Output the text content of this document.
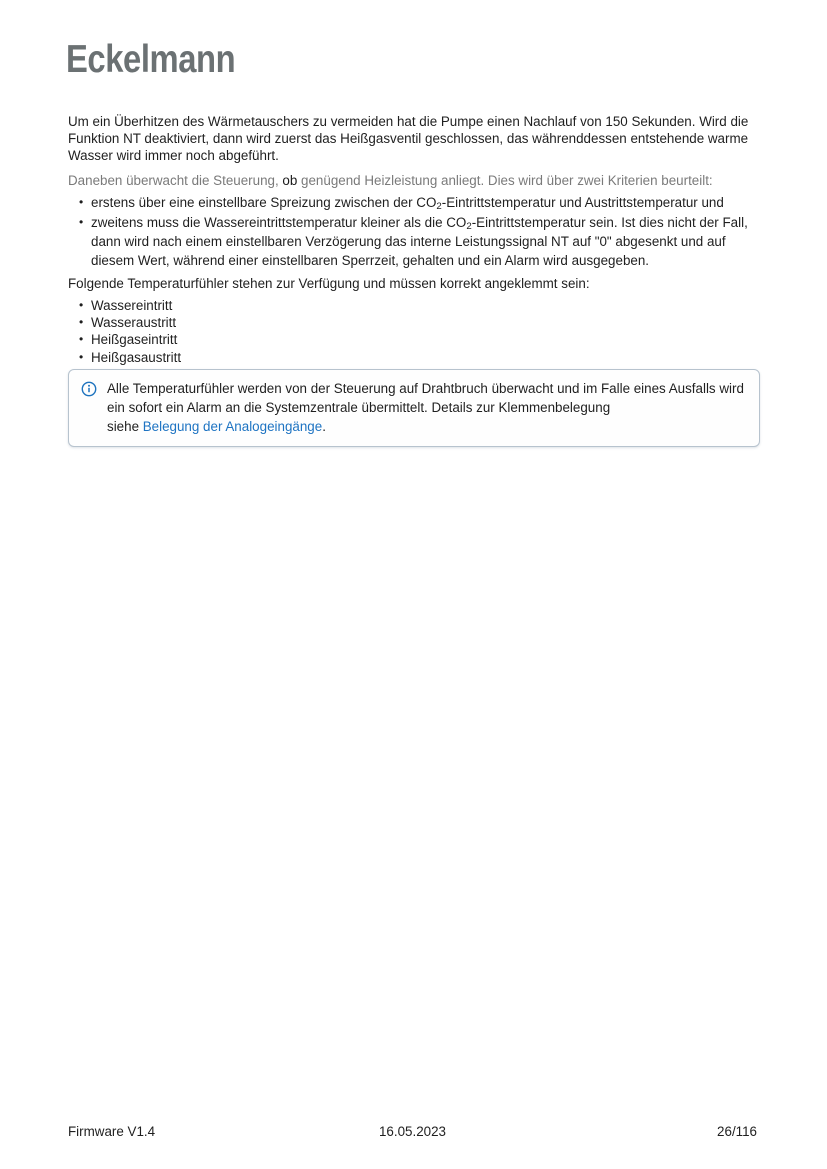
Eckelmann

Um ein Überhitzen des Wärmetauschers zu vermeiden hat die Pumpe einen Nachlauf von 150 Sekunden. Wird die Funktion NT deaktiviert, dann wird zuerst das Heißgasventil geschlossen, das währenddessen entstehende warme Wasser wird immer noch abgeführt.

Daneben überwacht die Steuerung, ob genügend Heizleistung anliegt. Dies wird über zwei Kriterien beurteilt:

• erstens über eine einstellbare Spreizung zwischen der $CO_2$-Eintrittstemperatur und Austrittstemperatur und
• zweitens muss die Wassereintrittstemperatur kleiner als die $CO_2$-Eintrittstemperatur sein. Ist dies nicht der Fall, dann wird nach einem einstellbaren Verzögerung das interne Leistungssignal NT auf "0" abgesenkt und auf diesem Wert, während einer einstellbaren Sperrzeit, gehalten und ein Alarm wird ausgegeben.

Folgende Temperaturfühler stehen zur Verfügung und müssen korrekt angeklemmt sein:

• Wassereintritt
• Wasseraustritt
• Heißgaseintritt
• Heißgasaustritt

Alle Temperaturfühler werden von der Steuerung auf Drahtbruch überwacht und im Falle eines Ausfalls wird ein sofort ein Alarm an die Systemzentrale übermittelt. Details zur Klemmenbelegung
siehe Belegung der Analogeingänge.

Firmware V1.4	16.05.2023	26/116
